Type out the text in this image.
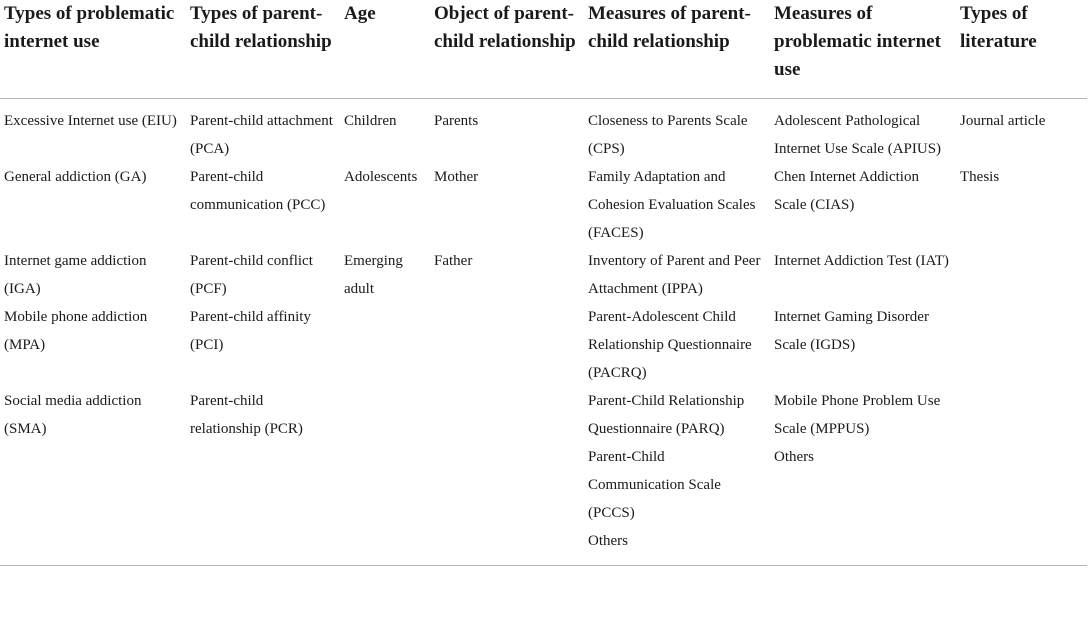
Types of problematic internet use	Types of parent-child relationship	Age	Object of parent-child relationship	Measures of parent-child relationship	Measures of problematic internet use	Types of literature
Excessive Internet use (EIU)	Parent-child attachment (PCA)	Children	Parents	Closeness to Parents Scale (CPS)	Adolescent Pathological Internet Use Scale (APIUS)	Journal article
General addiction (GA)	Parent-child communication (PCC)	Adolescents	Mother	Family Adaptation and Cohesion Evaluation Scales (FACES)	Chen Internet Addiction Scale (CIAS)	Thesis
Internet game addiction (IGA)	Parent-child conflict (PCF)	Emerging adult	Father	Inventory of Parent and Peer Attachment (IPPA)	Internet Addiction Test (IAT)	
Mobile phone addiction (MPA)	Parent-child affinity (PCI)			Parent-Adolescent Child Relationship Questionnaire (PACRQ)	Internet Gaming Disorder Scale (IGDS)	
Social media addiction (SMA)	Parent-child relationship (PCR)			Parent-Child Relationship Questionnaire (PARQ)	Mobile Phone Problem Use Scale (MPPUS)	
				Parent-Child Communication Scale (PCCS)	Others	
				Others		
